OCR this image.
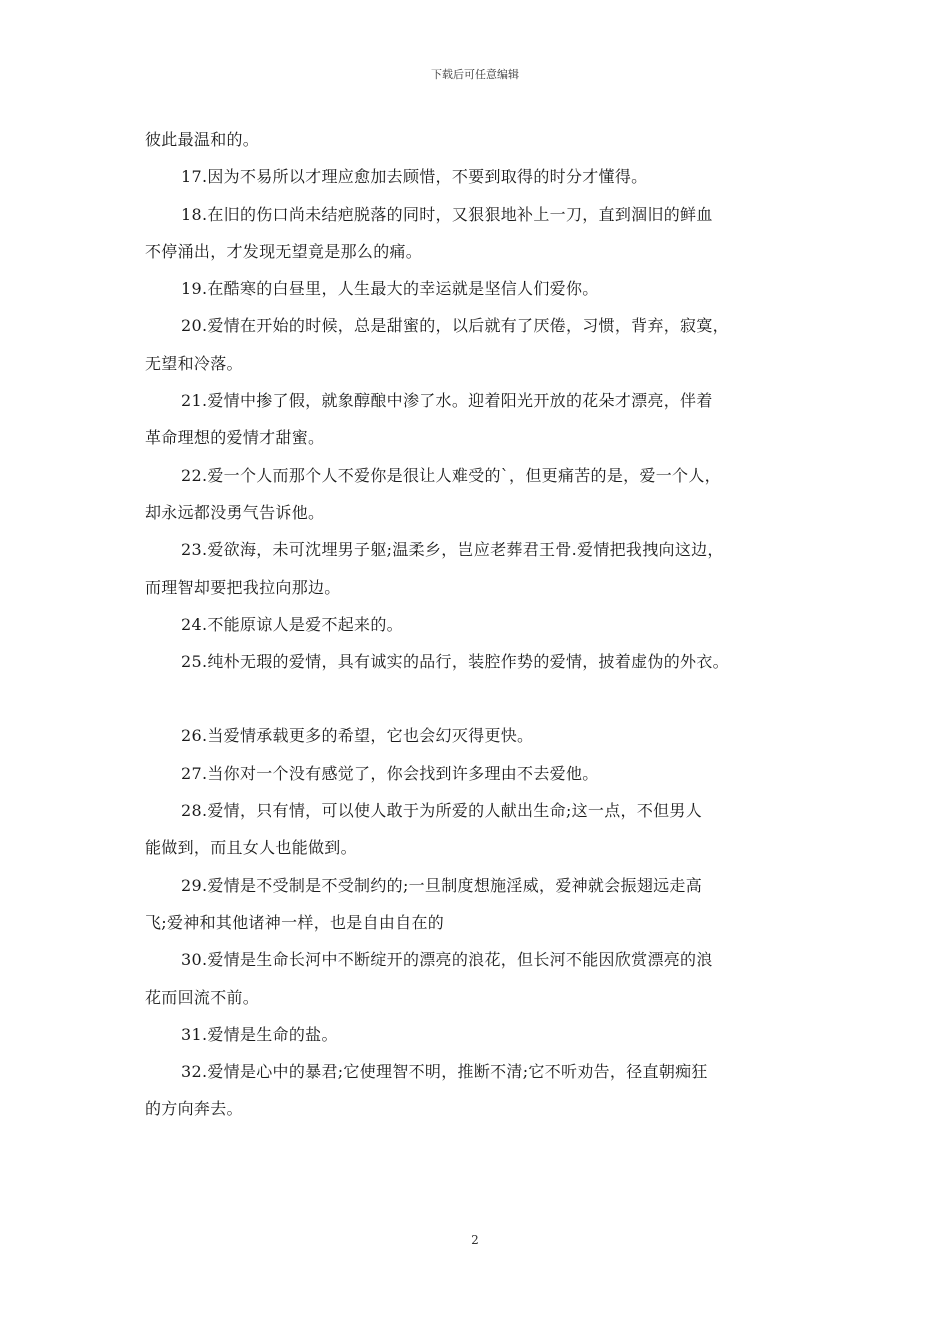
下载后可任意编辑

彼此最温和的。

17.因为不易所以才理应愈加去顾惜，不要到取得的时分才懂得。

18.在旧的伤口尚未结疤脱落的同时，又狠狠地补上一刀，直到涸旧的鲜血

不停涌出，才发现无望竟是那么的痛。

19.在酷寒的白昼里，人生最大的幸运就是坚信人们爱你。

20.爱情在开始的时候，总是甜蜜的，以后就有了厌倦，习惯，背弃，寂寞，

无望和冷落。

21.爱情中掺了假，就象醇酿中渗了水。迎着阳光开放的花朵才漂亮，伴着

革命理想的爱情才甜蜜。

22.爱一个人而那个人不爱你是很让人难受的`，但更痛苦的是，爱一个人，

却永远都没勇气告诉他。

23.爱欲海，未可沈埋男子躯;温柔乡，岂应老葬君王骨.爱情把我拽向这边，

而理智却要把我拉向那边。

24.不能原谅人是爱不起来的。

25.纯朴无瑕的爱情，具有诚实的品行，装腔作势的爱情，披着虚伪的外衣。

26.当爱情承载更多的希望，它也会幻灭得更快。

27.当你对一个没有感觉了，你会找到许多理由不去爱他。

28.爱情，只有情，可以使人敢于为所爱的人献出生命;这一点，不但男人

能做到，而且女人也能做到。

29.爱情是不受制是不受制约的;一旦制度想施淫威，爱神就会振翅远走高

飞;爱神和其他诸神一样，也是自由自在的

30.爱情是生命长河中不断绽开的漂亮的浪花，但长河不能因欣赏漂亮的浪

花而回流不前。

31.爱情是生命的盐。

32.爱情是心中的暴君;它使理智不明，推断不清;它不听劝告，径直朝痴狂

的方向奔去。

2
